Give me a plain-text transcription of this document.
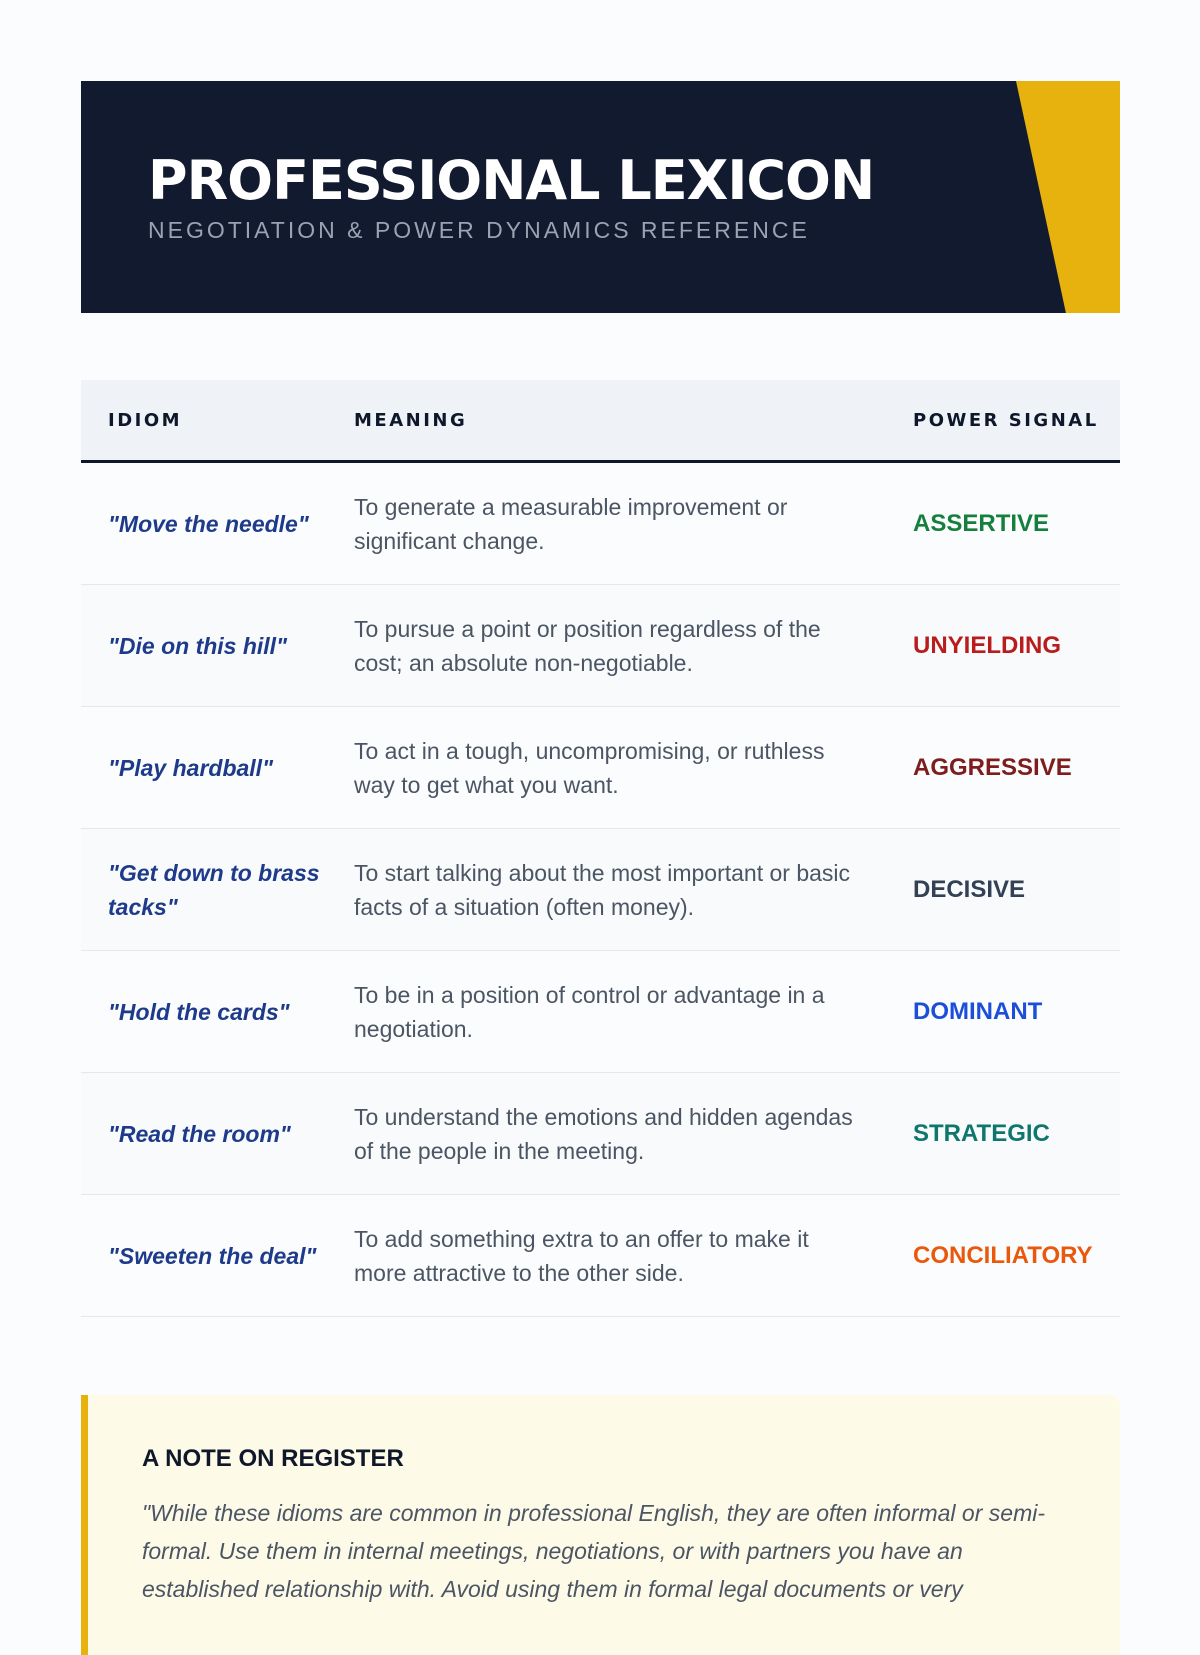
PROFESSIONAL LEXICON

NEGOTIATION & POWER DYNAMICS REFERENCE

IDIOM	MEANING	POWER SIGNAL
"Move the needle"
To generate a measurable improvement or significant change.
ASSERTIVE
"Die on this hill"
To pursue a point or position regardless of the cost; an absolute non-negotiable.
UNYIELDING
"Play hardball"
To act in a tough, uncompromising, or ruthless way to get what you want.
AGGRESSIVE
"Get down to brass tacks"
To start talking about the most important or basic facts of a situation (often money).
DECISIVE
"Hold the cards"
To be in a position of control or advantage in a negotiation.
DOMINANT
"Read the room"
To understand the emotions and hidden agendas of the people in the meeting.
STRATEGIC
"Sweeten the deal"
To add something extra to an offer to make it more attractive to the other side.
CONCILIATORY
A NOTE ON REGISTER

"While these idioms are common in professional English, they are often informal or semi-formal. Use them in internal meetings, negotiations, or with partners you have an established relationship with. Avoid using them in formal legal documents or very
